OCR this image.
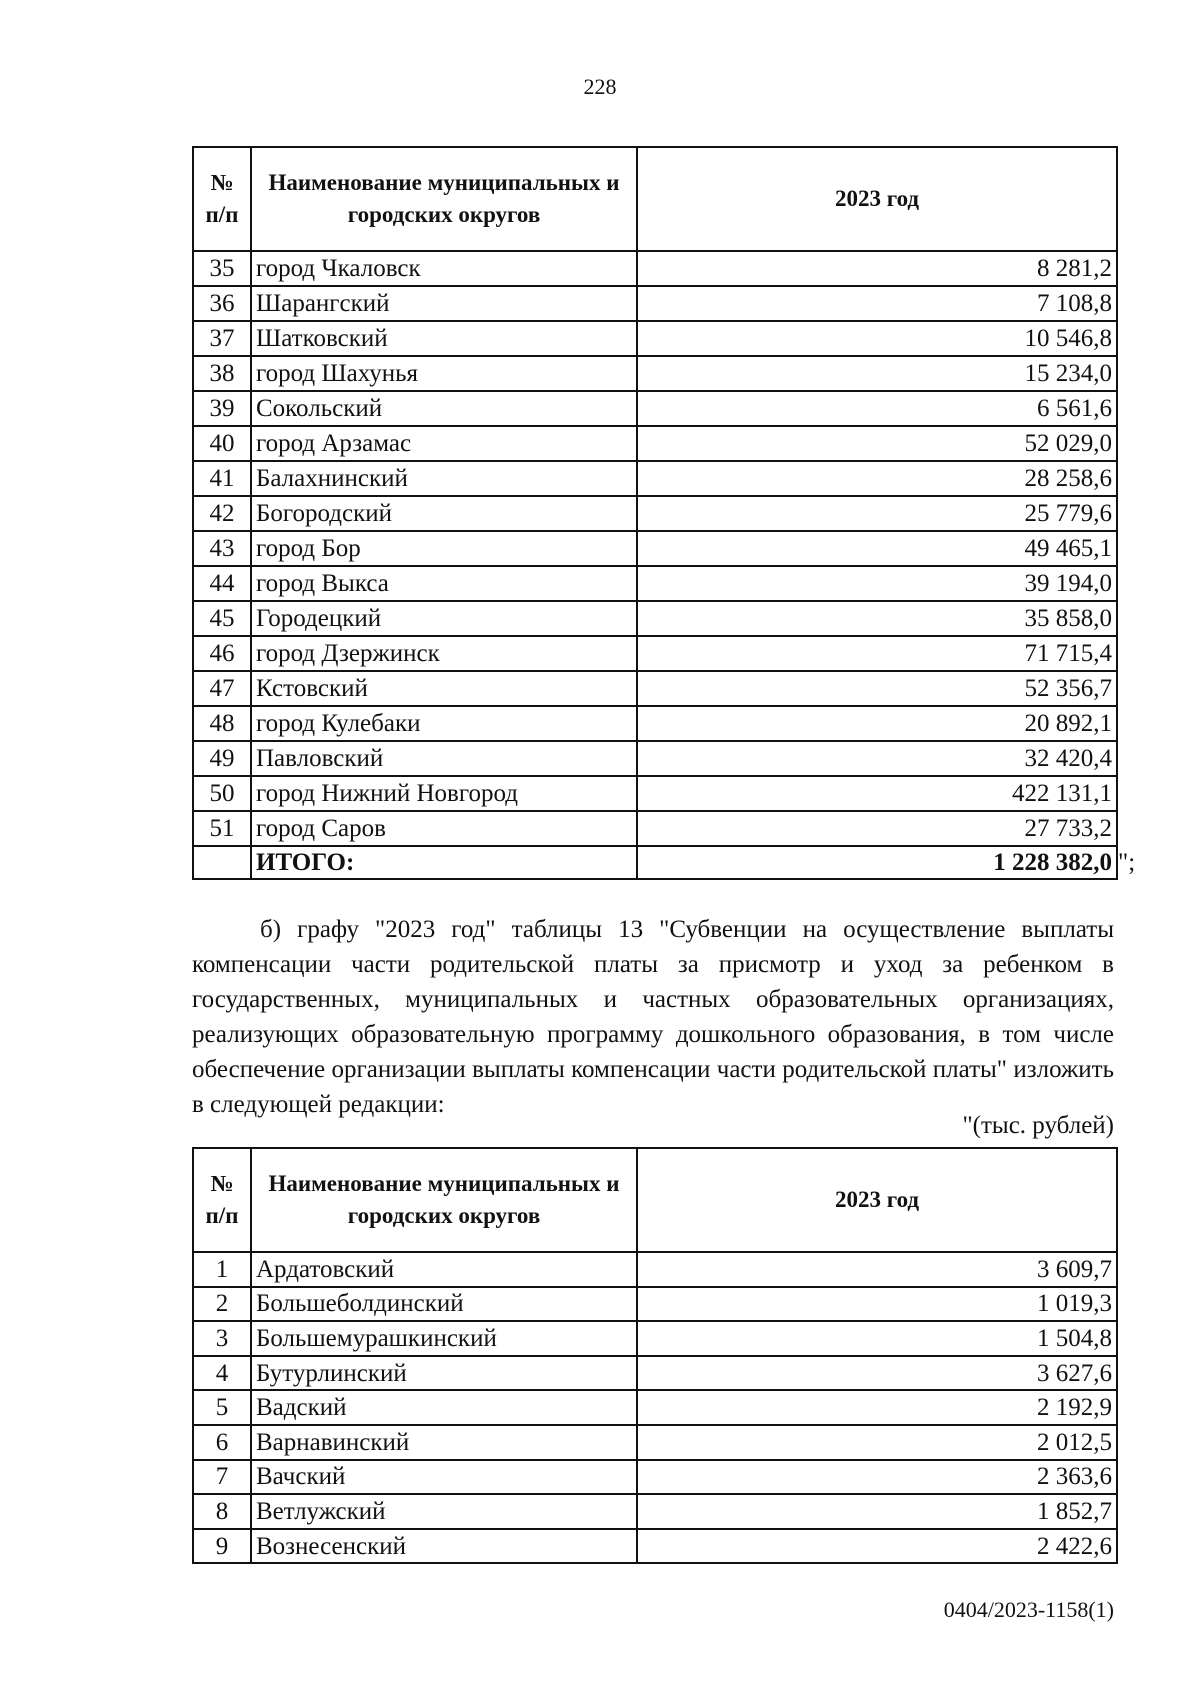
228
№ п/п	Наименование муниципальных и городских округов	2023 год
35	город Чкаловск	8 281,2
36	Шарангский	7 108,8
37	Шатковский	10 546,8
38	город Шахунья	15 234,0
39	Сокольский	6 561,6
40	город Арзамас	52 029,0
41	Балахнинский	28 258,6
42	Богородский	25 779,6
43	город Бор	49 465,1
44	город Выкса	39 194,0
45	Городецкий	35 858,0
46	город Дзержинск	71 715,4
47	Кстовский	52 356,7
48	город Кулебаки	20 892,1
49	Павловский	32 420,4
50	город Нижний Новгород	422 131,1
51	город Саров	27 733,2
	ИТОГО:	1 228 382,0 ";

б) графу "2023 год" таблицы 13 "Субвенции на осуществление выплаты компенсации части родительской платы за присмотр и уход за ребенком в государственных, муниципальных и частных образовательных организациях, реализующих образовательную программу дошкольного образования, в том числе обеспечение организации выплаты компенсации части родительской платы" изложить в следующей редакции:

"(тыс. рублей)
№ п/п	Наименование муниципальных и городских округов	2023 год
1	Ардатовский	3 609,7
2	Большеболдинский	1 019,3
3	Большемурашкинский	1 504,8
4	Бутурлинский	3 627,6
5	Вадский	2 192,9
6	Варнавинский	2 012,5
7	Вачский	2 363,6
8	Ветлужский	1 852,7
9	Вознесенский	2 422,6
0404/2023-1158(1)
